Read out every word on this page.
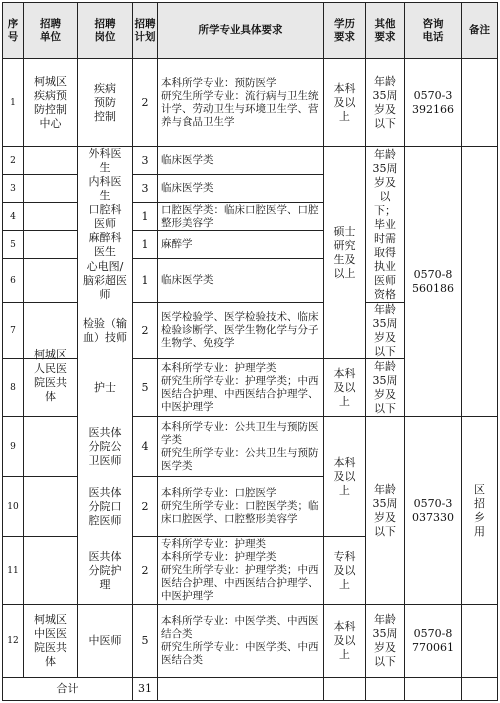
序号
招聘单位
招聘岗位
招聘计划
所学专业具体要求
学历要求
其他要求
咨询电话
备注
1
2
3
4
5
6
7
8
9
10
11
12
柯城区疾病预防控制中心
柯城区人民医院医共体
柯城区中医医院医共体
疾病预防控制
外科医生
内科医生
口腔科医师
麻醉科医生
心电图/脑彩超医师
检验（输血）技师
护士
医共体分院公卫医师
医共体分院口腔医师
医共体分院护理
中医师
2
3
3
1
1
1
2
5
4
2
2
5
本科所学专业：预防医学
研究生所学专业：流行病与卫生统计学、劳动卫生与环境卫生学、营养与食品卫生学
临床医学类
临床医学类
口腔医学类：临床口腔医学、口腔整形美容学
麻醉学
临床医学类
医学检验学、医学检验技术、临床检验诊断学、医学生物化学与分子生物学、免疫学
本科所学专业：护理学类
研究生所学专业：护理学类；中西医结合护理、中西医结合护理学、中医护理学
本科所学专业：公共卫生与预防医学类
研究生所学专业：公共卫生与预防医学类
本科所学专业：口腔医学
研究生所学专业：口腔医学类；临床口腔医学、口腔整形美容学
专科所学专业：护理类
本科所学专业：护理学类
研究生所学专业：护理学类；中西医结合护理、中西医结合护理学、中医护理学
本科所学专业：中医学类、中西医结合类
研究生所学专业：中医学类、中西医结合类
本科及以上
硕士研究生及以上
本科及以上
本科及以上
专科及以上
本科及以上
年龄35周岁及以下
年龄35周岁及以下；毕业时需取得执业医师资格
年龄35周岁及以下
年龄35周岁及以下
年龄35周岁及以下
年龄35周岁及以下
0570-3392166
0570-8560186
0570-3037330
0570-8770061
区招乡用
合计	31
